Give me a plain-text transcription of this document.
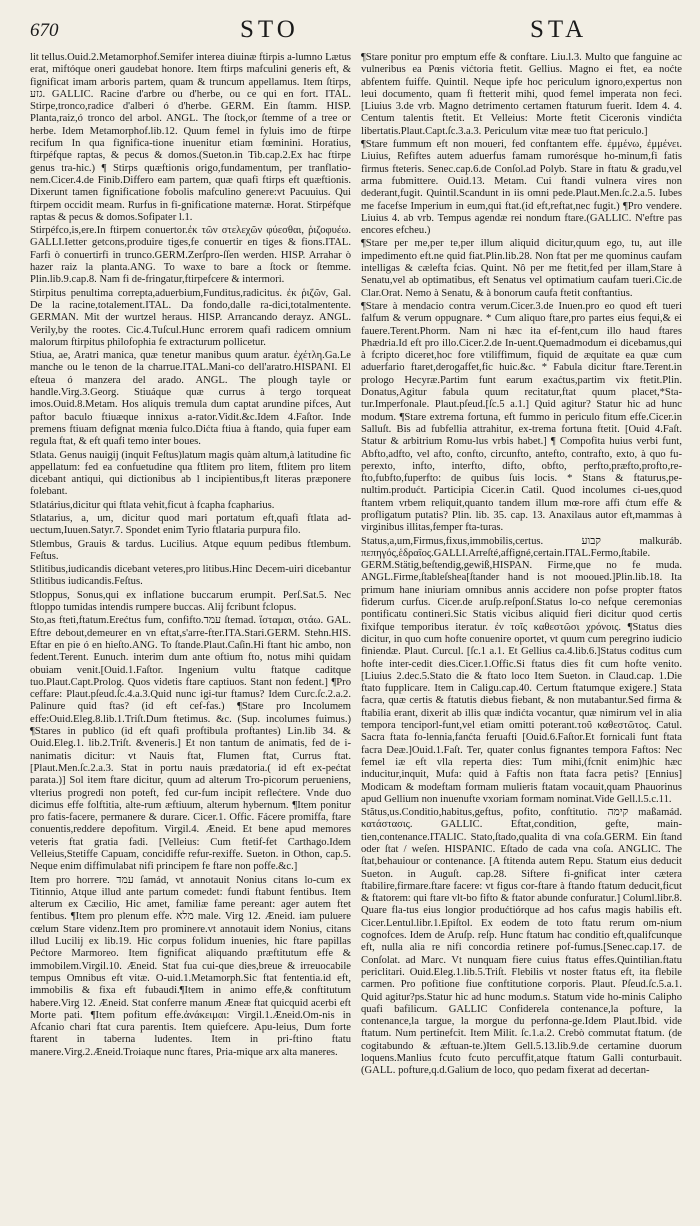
670	STO	STA

lit tellus.Ouid.2.Metamorphof.Semifer interea diuinæ ftirpis a-lumno Lætus erat, miftóque oneri gaudebat honore. Item ftirps mafculini generis eft, & fignificat imam arboris partem, quam & truncum appellamus. Item ſtirps, גזע. GALLIC. Racine d'arbre ou d'herbe, ou ce qui en fort. ITAL. Stirpe,tronco,radice d'alberi ó d'herbe. GERM. Ein ſtamm. HISP. Planta,raiz,ó tronco del arbol. ANGL. The ſtock,or ſtemme of a tree or herbe. Idem Metamorphof.lib.12. Quum femel in fyluis imo de ftirpe recifum In qua fignifica-tione inuenitur etiam fœminini. Horatius, ftirpéfque raptas, & pecus & domos.(Sueton.in Tib.cap.2.Ex hac ftirpe genus tra-hic.) ¶ Stirps quæftionis origo,fundamentum, per tranflatio-nem.Cicer.4.de Finib.Differo eam partem, quæ quafi ftirps eft quæftionis. Dixerunt tamen fignificatione fobolis mafculino genere:vt Pacuuius. Qui ftirpem occidit meam. Rurfus in fi-gnificatione maternæ. Horat. Stirpéfque raptas & pecus & domos.Sofipater l.1.

Stirpéfco,is,ere.In ftirpem conuertor.ἐκ τῶν στελεχῶν φύεσθαι, ῥιζοφυέω. GALLI.Ietter getcons,produire tiges,fe conuertir en tiges & fions.ITAL. Farfi ò conuertirfi in trunco.GERM.Zerſpro-ſſen werden. HISP. Arrahar ò hazer raiz la planta.ANG. To waxe to bare a ſtock or ſtemme. Plin.lib.9.cap.8. Nam fi de-fringatur,ftirpefcere & intermori.

Stirpitus penultima correpta,aduerbium,Funditus,radicitus. ἐκ ῥιζῶν, Gal. De la racine,totalement.ITAL. Da fondo,dalle ra-dici,totalmentente. GERMAN. Mit der wurtzel heraus. HISP. Arrancando derayz. ANGL. Verily,by the rootes. Cic.4.Tuſcul.Hunc errorem quafi radicem omnium malorum ftirpitus philofophia fe extracturum pollicetur.

Stiua, ae, Aratri manica, quæ tenetur manibus quum aratur. ἐχέτλη.Ga.Le manche ou le tenon de la charrue.ITAL.Mani-co dell'aratro.HISPANI. El eſteua ó manzera del arado. ANGL. The plough tayle or handle.Virg.3.Georg. Stiuáque quæ currus à tergo torqueat imos.Ouid.8.Metam. Hos aliquis tremula dum captat arundine pifces, Aut paftor baculo ftiuæque innixus a-rator.Vidit.&c.Idem 4.Faſtor. Inde premens ftiuam defignat mœnia fulco.Dićta ftiua à ftando, quia fuper eam regula ftat, & eft quafi temo inter boues.

Stlata. Genus nauigij (inquit Feſtus)latum magis quàm altum,à latitudine fic appellatum: fed ea confuetudine qua ftlitem pro litem, ftlitem pro litem dicebant antiqui, qui dictionibus ab l incipientibus,ft literas præponere folebant.

Stlatárius,dicitur qui ftlata vehit,ficut à fcapha fcapharius.

Stlatarius, a, um, dicitur quod mari portatum eft,quafi ftlata ad-uectum,Iuuen.Satyr.7. Spondet enim Tyrio ftlataria purpura filo.

Stlembus, Grauis & tardus. Lucilius. Atque equum pedibus ftlembum. Feſtus.

Stlitibus,iudicandis dicebant veteres,pro litibus.Hinc Decem-uiri dicebantur Stlitibus iudicandis.Feſtus.

Stloppus, Sonus,qui ex inflatione buccarum erumpit. Perſ.Sat.5. Nec ftloppo tumidas intendis rumpere buccas. Alij fcribunt fclopus.

Sto,as ftetì,ftatum.Erećtus fum, confifto.עמד ſtemad. ἵσταμαι, στάω. GAL. Eftre debout,demeurer en vn eftat,s'arre-fter.ITA.Stari.GERM. Stehn.HIS. Eftar en pie ó en hieſto.ANG. To ſtande.Plaut.Caſin.Hi ftant hic ambo, non fedent.Terent. Eunuch. interim dum ante oftium fto, notus mihi quidam obuiam venit.[Ouid.1.Faſtor. Ingenium vultu ftatque caditque tuo.Plaut.Capt.Prolog. Quos videtis ftare captiuos. Stant non fedent.] ¶Pro ceffare: Plaut.pſeud.ſc.4.a.3.Quid nunc igi-tur ftamus? Idem Curc.ſc.2.a.2. Palinure quid ftas? (id eft cef-fas.) ¶Stare pro Incolumem effe:Ouid.Eleg.8.lib.1.Triſt.Dum ftetimus. &c. (Sup. incolumes fuimus.) ¶Stares in publico (id eft quafi proftibula proftantes) Lin.lib 34. & Ouid.Eleg.1. lib.2.Triſt. &veneris.] Et non tantum de animatis, fed de i-nanimatis dicitur: vt Nauis ftat, Flumen ftat, Currus ftat. [Plaut.Men.ſc.2.a.3. Stat in portu nauis prædatoria.( id eft ex-pećtat parata.)] Sol item ftare dicitur, quum ad alterum Tro-picorum perueniens, vlterius progredi non poteft, fed cur-fum incipit reflećtere. Vnde duo dicimus effe folftitia, alte-rum æftiuum, alterum hybernum. ¶Item ponitur pro fatis-facere, permanere & durare. Cicer.1. Offic. Fácere promiffa, ftare conuentis,reddere depofitum. Virgil.4. Æneid. Et bene apud memores veteris ftat gratia fadi. [Velleius: Cum ftetif-fet Carthago.Idem Velleius,Stetiffe Capuam, concidiffe refur-rexiffe. Sueton. in Othon, cap.5. Neque enim diffimulabat nifi principem fe ftare non poffe.&c.]

Item pro horrere. עמד ſamád, vt annotauit Nonius citans lo-cum ex Titinnio, Atque illud ante partum comedet: fundi ftabunt fentibus. Item alterum ex Cæcilio, Hic amet, familiæ fame pereant: ager autem ftet fentibus. ¶Item pro plenum effe. מלא male. Virg 12. Æneid. iam puluere cœlum Stare videnz.Item pro prominere.vt annotauit idem Nonius, citans illud Lucilij ex lib.19. Hic corpus folidum inuenies, hic ftare papillas Pećtore Marmoreo. Item fignificat aliquando præftitutum effe & immobilem.Virgil.10. Æneid. Stat fua cui-que dies,breue & irreuocabile tempus Omnibus eft vitæ. O-uid.1.Metamorph.Sic ftat fententia.id eft, immobilis & fixa eft fubaudi.¶Item in animo effe,& conftitutum habere.Virg 12. Æneid. Stat conferre manum Æneæ ftat quicquid acerbi eft Morte pati. ¶Item pofitum effe.ἀνάκειμαι: Virgil.1.Æneid.Om-nis in Afcanio chari ftat cura parentis. Item quiefcere. Apu-leius, Dum forte ftarent in taberna ludentes. Item in pri-ftino ftatu manere.Virg.2.Æneid.Troiaque nunc ftares, Pria-mique arx alta maneres.

¶Stare ponitur pro emptum effe & conftare. Liu.l.3. Multo que fanguine ac vulneribus ea Pœnis vićtoria ftetit. Gellius. Magno ei ftet, ea noćte abfentem fuiffe. Quintil. Neque ipfe hoc periculum ignoro,expertus non leui documento, quam fi ftetterit mihi, quod femel imperata non feci. [Liuius 3.de vrb. Magno detrimento certamen ftaturum fuerit. Idem 4. 4. Centum talentis ftetit. Et Velleius: Morte ftetit Ciceronis vindićta libertatis.Plaut.Capt.ſc.3.a.3. Periculum vitæ meæ tuo ftat periculo.]

¶Stare fummum eft non moueri, fed conftantem effe. ἐμμένω, ἐμμένει. Liuius, Refiftes autem aduerfus famam rumorésque ho-minum,fi fatis firmus fteteris. Senec.cap.6.de Conſol.ad Polyb. Stare in ftatu & gradu,vel arma fubmittere. Ouid.13. Metam. Cui ftandi vulnera vires non dederant,fugit. Quintil.Scandunt in iis omni pede.Plaut.Men.ſc.2.a.5. Iubes me facefse Imperium in eum,qui ftat.(id eft,reftat,nec fugit.) ¶Pro vendere. Liuius 4. ab vrb. Tempus agendæ rei nondum ftare.(GALLIC. N'eftre pas encores efcheu.)

¶Stare per me,per te,per illum aliquid dicitur,quum ego, tu, aut ille impedimento eft.ne quid fiat.Plin.lib.28. Non ftat per me quominus caufam intelligas & cælefta fcias. Quint. Nô per me ftetit,fed per illam,Stare à Senatu,vel ab optimatibus, eft Senatus vel optimatium caufam tueri.Cic.de Clar.Orat. Nemo à Senatu, & à bonorum caufa ftetit conftantius.

¶Stare à mendacio contra verum.Cicer.3.de Inuen.pro eo quod eft tueri falfum & verum oppugnare. * Cum aliquo ftare,pro partes eius fequi,& ei fauere.Terent.Phorm. Nam ni hæc ita ef-fent,cum illo haud ftares Phædria.Id eft pro illo.Cicer.2.de In-uent.Quemadmodum ei dicebamus,qui à fcripto diceret,hoc fore vtiliffimum, fiquid de æquitate ea quæ cum aduerfario ftaret,derogaffet,fic huic.&c. * Fabula dicitur ftare.Terent.in prologo Hecyræ.Partim funt earum exaćtus,partim vix ftetit.Plin. Donatus,Agitur fabula quum recitatur,ftat quum placet,*Sta-tur.Imperfonale. Plaut.pſeud.[ſc.5 a.1.] Quid agitur? Statur hic ad hunc modum. ¶Stare extrema fortuna, eft fummo in periculo fitum effe.Cicer.in Salluſt. Bis ad fubfellia attrahitur, ex-trema fortuna ftetit. [Ouid 4.Faſt. Statur & arbitrium Romu-lus vrbis habet.] ¶ Compofita huius verbi funt, Abfto,adfto, vel afto, confto, circunfto, antefto, contrafto, exto, à quo fu-perexto, infto, interfto, difto, obfto, perfto,præfto,profto,re-fto,fubfto,fuperfto: de quibus ſuis locis. * Stans & ftaturus,pe-nultim.produćt. Participia Cicer.in Catil. Quod incolumes ci-ues,quod ftantem vrbem reliquit,quanto tandem illum mœ-rore affi ćtum effe & profligatum putatis? Plin. lib. 35. cap. 13. Anaxilaus autor eft,mammas à virginibus illitas,femper fta-turas.

Status,a,um,Firmus,fixus,immobilis,certus. קבוע malkuráb. πεπηγός,ἑδραῖος.GALLI.Arreſté,affigné,certain.ITAL.Fermo,ſtabile. GERM.Stätig,beſtendig,gewiß,HISPAN. Firme,que no fe muda. ANGL.Firme,ſtableſshea[ſtander hand is not mooued.]Plin.lib.18. Ita primum hane iniuriam omnibus annis accidere non pofse propter ftatos fiderum curfus. Cicer.de aruſp.reſponſ.Status lo-co nefque ceremonias pontificatu contineri.Sic Statis vicibus aliquid fieri dicitur quod certis fixifque temporibus iteratur. ἐν τοῖς καθεστῶσι χρόνοις. ¶Status dies dicitur, in quo cum hofte conuenire oportet, vt quum cum peregrino iudicio finiendæ. Plaut. Curcul. [ſc.1 a.1. Et Gellius ca.4.lib.6.]Status coditus cum hofte inter-cedit dies.Cicer.1.Offic.Si ftatus dies fit cum hofte venito. [Liuius 2.dec.5.Stato die & ftato loco Item Sueton. in Claud.cap. 1.Die ftato fupplicare. Item in Caligu.cap.40. Certum ftatumque exigere.] Stata facra, quæ certis & ftatutis diebus fiebant, & non mutabantur.Sed firma & ftabilia erant, dixerit ab illis quæ indićta vocantur, quæ nimirum vel in alia tempora tenciporl-funt,vel etiam omitti poterant.τοῦ καθεστῶτος. Catul. Sacra ftata fo-lennia,fanćta feruafti [Ouid.6.Faſtor.Et fornicali funt ftata facra Deæ.]Ouid.1.Faſt. Ter, quater conlus fignantes tempora Faftos: Nec femel iæ eft vlla reperta dies: Tum mihi,(fcnit enim)hic hæc inducitur,inquit, Mufa: quid à Faftis non ftata facra petis? [Ennius] Modicam & modeftam formam mulieris ftatam vocauit,quam Phauorinus apud Gellium non inuenufte vxoriam formam nominat.Vide Gell.l.5.c.11.

Stătus,us.Conditio,habitus,geftus, pofito, conftitutio. קימה maßamád. κατάστασις. GALLIC. Eftat,condition, gefte, main-tien,contenance.ITALIC. Stato,ſtado,qualita di vna coſa.GERM. Ein ſtand oder ſtat / weſen. HISPANIC. Eſtado de cada vna coſa. ANGLIC. The ſtat,behauiour or contenance. [A ftitenda autem Repu. Statum eius deducit Sueton. in Auguſt. cap.28. Siftere fi-gnificat inter cætera ftabilire,firmare.ftare facere: vt figus cor-ftare à ftando ftatum deducit,ficut & ftatorem: qui ftare vlt-bo fifto & ftator abunde confuratur.] Columl.libr.8. Quare fla-tus eius longior produćtiórque ad hos cafus magis habilis eft. Cicer.Lentul.libr.1.Epiſtol. Ex eodem de toto ftatu rerum om-nium cognofces. Idem de Aruſp. reſp. Hunc ftatum hac conditio eft,qualifcunque eft, nulla alia re nifi concordia retinere pof-fumus.[Senec.cap.17. de Conſolat. ad Marc. Vt nunquam fiere cuius ftatus effes.Quintilian.ftatu periclitari. Ouid.Eleg.1.lib.5.Triſt. Flebilis vt noster ftatus eft, ita flebile carmen. Pro pofitione fiue conftitutione corporis. Plaut. Pſeud.ſc.5.a.1. Quid agitur?ps.Statur hic ad hunc modum.s. Statum vide ho-minis Calipho quafi bafilicum. GALLIC Confiderela contenance,la pofture, la contenance,la targue, la morgue du perfonna-ge.Idem Plaut.Ibid. vide ftatum. Num pertinefcit. Item Milit. ſc.1.a.2. Crebò commutat ftatum. (de cogitabundo & æftuan-te.)Item Gell.5.13.lib.9.de certamine duorum loquens.Manlius fcuto fcuto percuffit,atque ftatum Galli conturbauit.(GALL. pofture,q.d.Galium de loco, quo pedam fixerat ad decertan-
